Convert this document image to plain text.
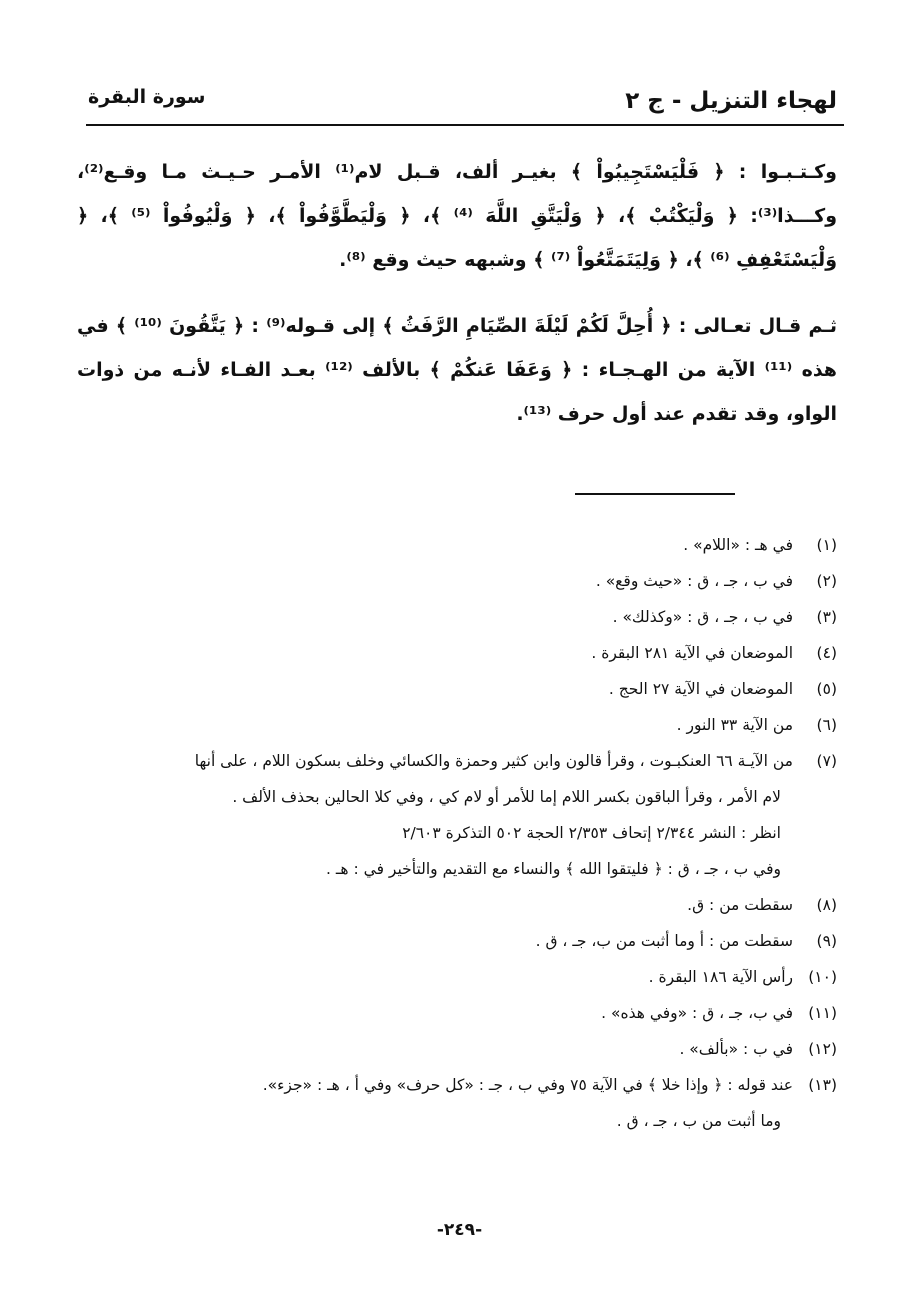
لهجاء التنزيل - ج ٢
سورة البقرة
وكـتـبـوا : ﴿ فَلْيَسْتَجِيبُواْ ﴾ بغيـر ألف، قـبل لام⁽¹⁾ الأمـر حـيـث مـا وقـع⁽²⁾، وكـــذا⁽³⁾: ﴿ وَلْيَكْتُبْ ﴾، ﴿ وَلْيَتَّقِ اللَّهَ ⁽⁴⁾ ﴾، ﴿ وَلْيَطَّوَّفُواْ ﴾، ﴿ وَلْيُوفُواْ ⁽⁵⁾ ﴾، ﴿ وَلْيَسْتَعْفِفِ ⁽⁶⁾ ﴾، ﴿ وَلِيَتَمَتَّعُواْ ⁽⁷⁾ ﴾ وشبهه حيث وقع ⁽⁸⁾.
ثـم قـال تعـالى : ﴿ أُحِلَّ لَكُمْ لَيْلَةَ الصِّيَامِ الرَّفَثُ ﴾ إلى قـوله⁽⁹⁾ : ﴿ يَتَّقُونَ ⁽¹⁰⁾ ﴾ في هذه ⁽¹¹⁾ الآية من الهـجـاء : ﴿ وَعَفَا عَنكُمْ ﴾ بالألف ⁽¹²⁾ بعـد الفـاء لأنـه من ذوات الواو، وقد تقدم عند أول حرف ⁽¹³⁾.
(١)
في هـ : «اللام» .
(٢)
في ب ، جـ ، ق : «حيث وقع» .
(٣)
في ب ، جـ ، ق : «وكذلك» .
(٤)
الموضعان في الآية ٢٨١ البقرة .
(٥)
الموضعان في الآية ٢٧ الحج .
(٦)
من الآية ٣٣ النور .
(٧)
من الآيـة ٦٦ العنكبـوت ، وقرأ قالون وابن كثير وحمزة والكسائي وخلف بسكون اللام ، على أنها
لام الأمر ، وقرأ الباقون بكسر اللام إما للأمر أو لام كي ، وفي كلا الحالين بحذف الألف .
انظر : النشر ٢/٣٤٤ إتحاف ٢/٣٥٣ الحجة ٥٠٢ التذكرة ٢/٦٠٣
وفي ب ، جـ ، ق : ﴿ فليتقوا الله ﴾ والنساء مع التقديم والتأخير في : هـ .
(٨)
سقطت من : ق.
(٩)
سقطت من : أ وما أثبت من ب، جـ ، ق .
(١٠)
رأس الآية ١٨٦ البقرة .
(١١)
في ب، جـ ، ق : «وفي هذه» .
(١٢)
في ب : «بألف» .
(١٣)
عند قوله : ﴿ وإذا خلا ﴾ في الآية ٧٥ وفي ب ، جـ : «كل حرف» وفي أ ، هـ : «جزء».
وما أثبت من ب ، جـ ، ق .
-٢٤٩-
